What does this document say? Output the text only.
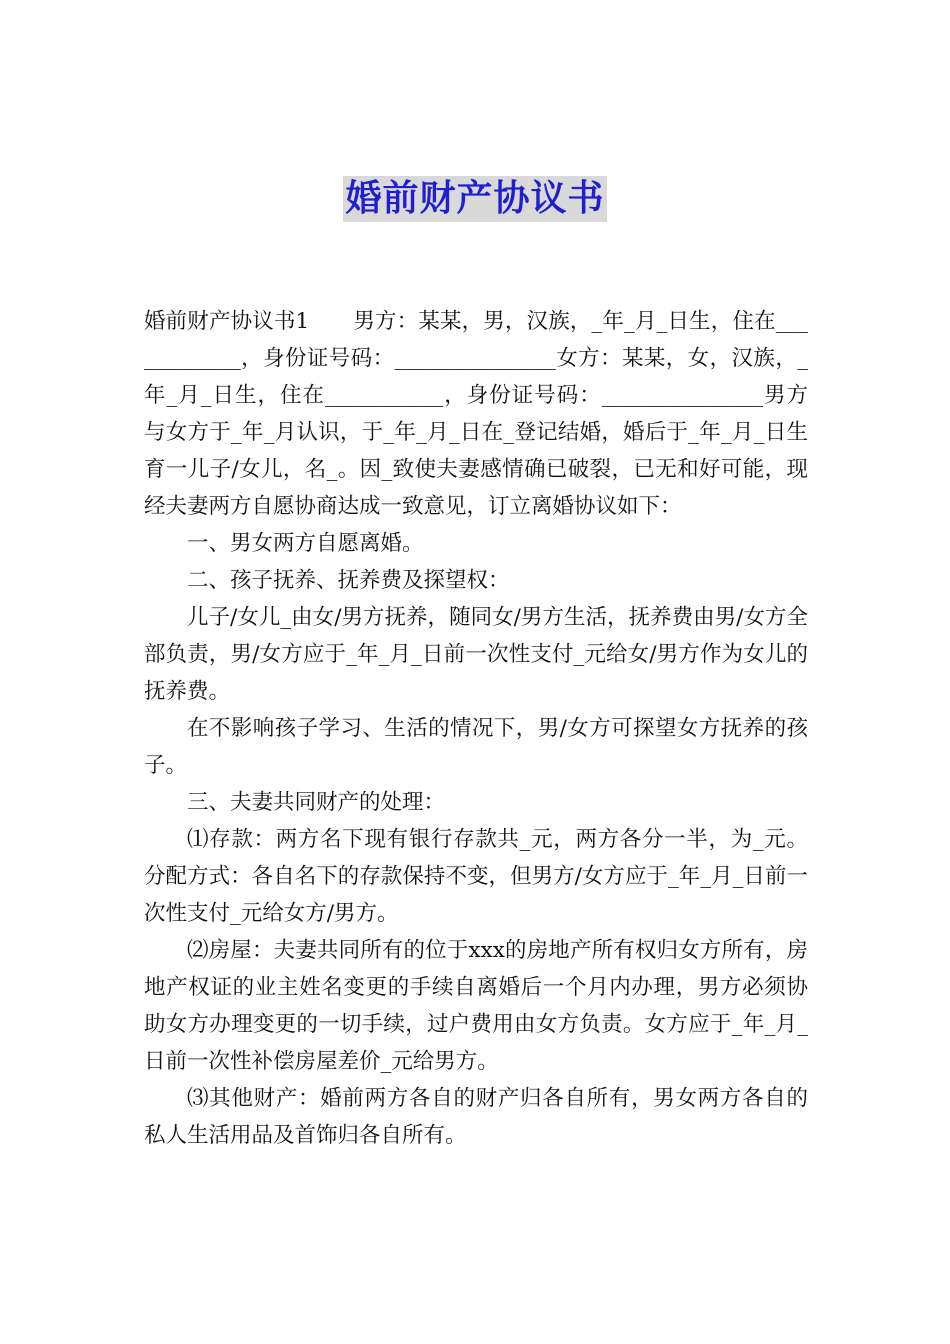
婚前财产协议书

婚前财产协议书1 男方：某某，男，汉族，_年_月_日生，住在____________，身份证号码：_______________女方：某某，女，汉族，_年_月_日生，住在___________，身份证号码：_______________男方与女方于_年_月认识，于_年_月_日在_登记结婚，婚后于_年_月_日生育一儿子/女儿，名_。因_致使夫妻感情确已破裂，已无和好可能，现经夫妻两方自愿协商达成一致意见，订立离婚协议如下：

一、男女两方自愿离婚。

二、孩子抚养、抚养费及探望权：

儿子/女儿_由女/男方抚养，随同女/男方生活，抚养费由男/女方全部负责，男/女方应于_年_月_日前一次性支付_元给女/男方作为女儿的抚养费。

在不影响孩子学习、生活的情况下，男/女方可探望女方抚养的孩子。

三、夫妻共同财产的处理：

⑴存款：两方名下现有银行存款共_元，两方各分一半，为_元。分配方式：各自名下的存款保持不变，但男方/女方应于_年_月_日前一次性支付_元给女方/男方。

⑵房屋：夫妻共同所有的位于xxx的房地产所有权归女方所有，房地产权证的业主姓名变更的手续自离婚后一个月内办理，男方必须协助女方办理变更的一切手续，过户费用由女方负责。女方应于_年_月_日前一次性补偿房屋差价_元给男方。

⑶其他财产：婚前两方各自的财产归各自所有，男女两方各自的私人生活用品及首饰归各自所有。
